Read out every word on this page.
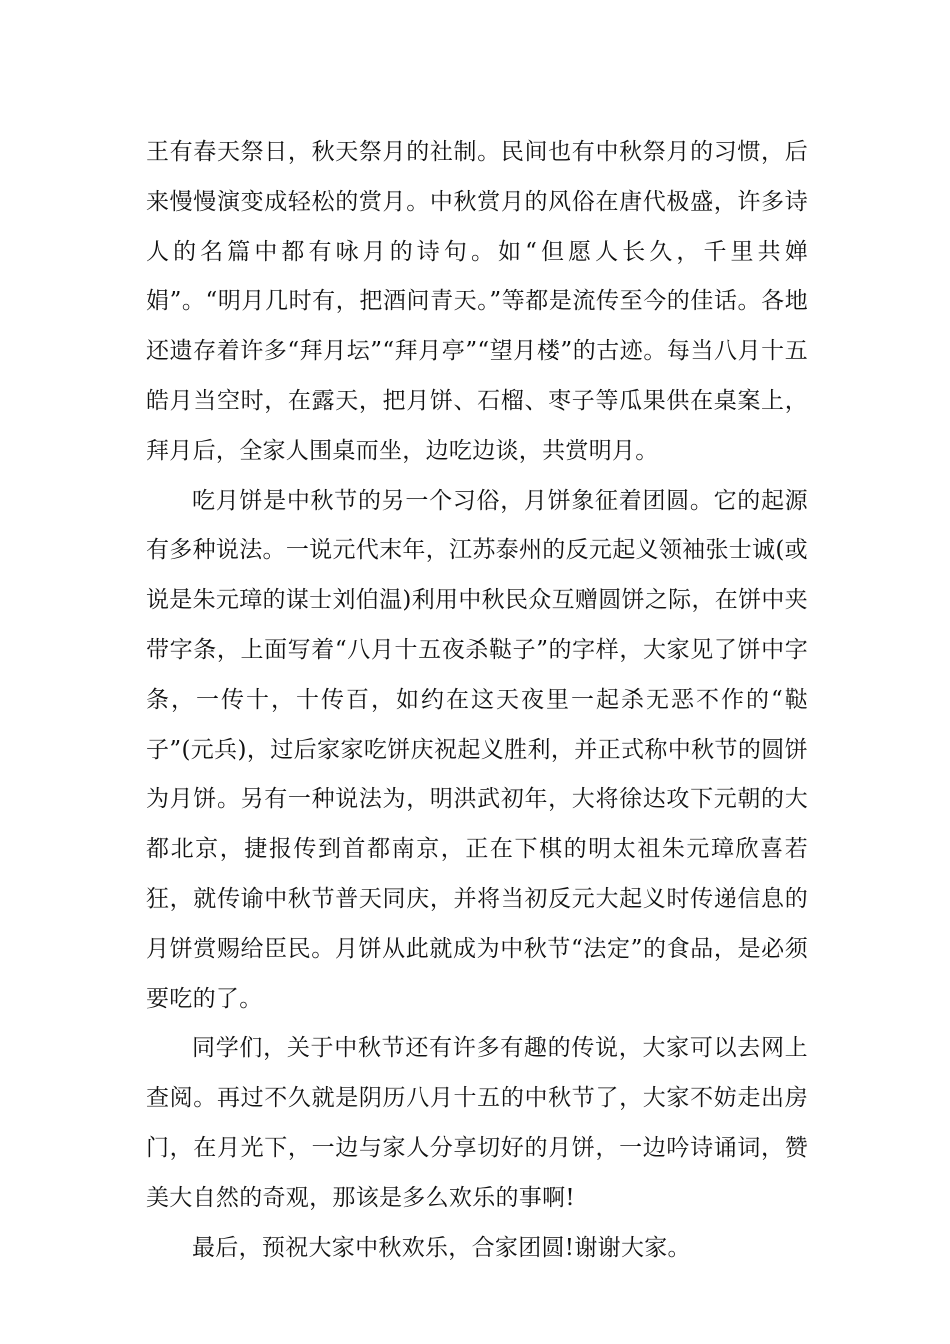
王有春天祭日，秋天祭月的社制。民间也有中秋祭月的习惯，后来慢慢演变成轻松的赏月。中秋赏月的风俗在唐代极盛，许多诗人的名篇中都有咏月的诗句。如“但愿人长久，千里共婵娟”。“明月几时有，把酒问青天。”等都是流传至今的佳话。各地还遗存着许多“拜月坛”“拜月亭”“望月楼”的古迹。每当八月十五皓月当空时，在露天，把月饼、石榴、枣子等瓜果供在桌案上，拜月后，全家人围桌而坐，边吃边谈，共赏明月。

吃月饼是中秋节的另一个习俗，月饼象征着团圆。它的起源有多种说法。一说元代末年，江苏泰州的反元起义领袖张士诚(或说是朱元璋的谋士刘伯温)利用中秋民众互赠圆饼之际，在饼中夹带字条，上面写着“八月十五夜杀鞑子”的字样，大家见了饼中字条，一传十，十传百，如约在这天夜里一起杀无恶不作的“鞑子”(元兵)，过后家家吃饼庆祝起义胜利，并正式称中秋节的圆饼为月饼。另有一种说法为，明洪武初年，大将徐达攻下元朝的大都北京，捷报传到首都南京，正在下棋的明太祖朱元璋欣喜若狂，就传谕中秋节普天同庆，并将当初反元大起义时传递信息的月饼赏赐给臣民。月饼从此就成为中秋节“法定”的食品，是必须要吃的了。

同学们，关于中秋节还有许多有趣的传说，大家可以去网上查阅。再过不久就是阴历八月十五的中秋节了，大家不妨走出房门，在月光下，一边与家人分享切好的月饼，一边吟诗诵词，赞美大自然的奇观，那该是多么欢乐的事啊!

最后，预祝大家中秋欢乐，合家团圆!谢谢大家。
